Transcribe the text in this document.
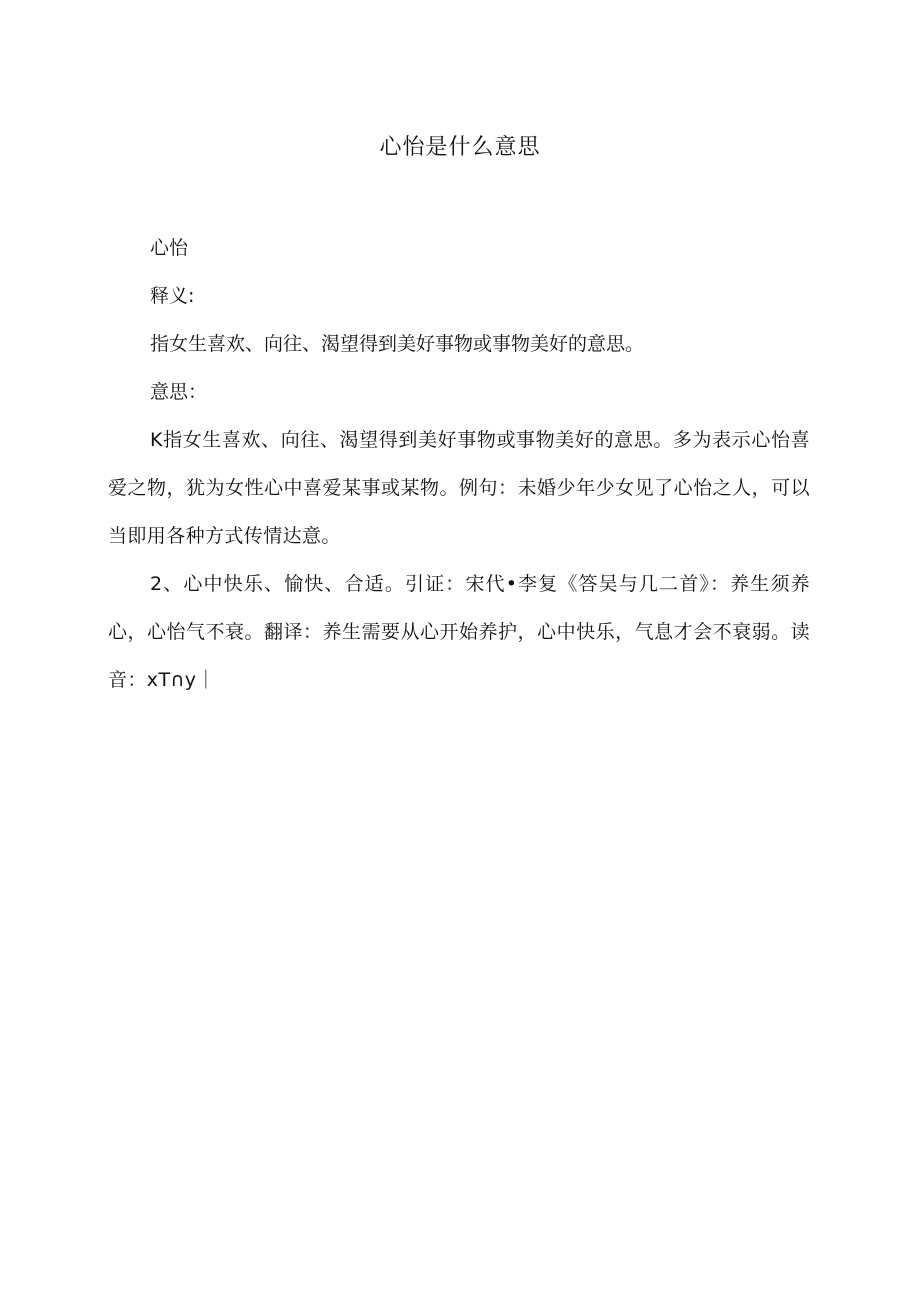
心怡是什么意思

心怡

释义:

指女生喜欢、向往、渴望得到美好事物或事物美好的意思。

意思：

K指女生喜欢、向往、渴望得到美好事物或事物美好的意思。多为表示心怡喜爱之物，犹为女性心中喜爱某事或某物。例句：未婚少年少女见了心怡之人，可以当即用各种方式传情达意。

2、心中快乐、愉快、合适。引证：宋代•李复《答吴与几二首》：养生须养心，心怡气不衰。翻译：养生需要从心开始养护，心中快乐，气息才会不衰弱。读音：xT∩y｜
